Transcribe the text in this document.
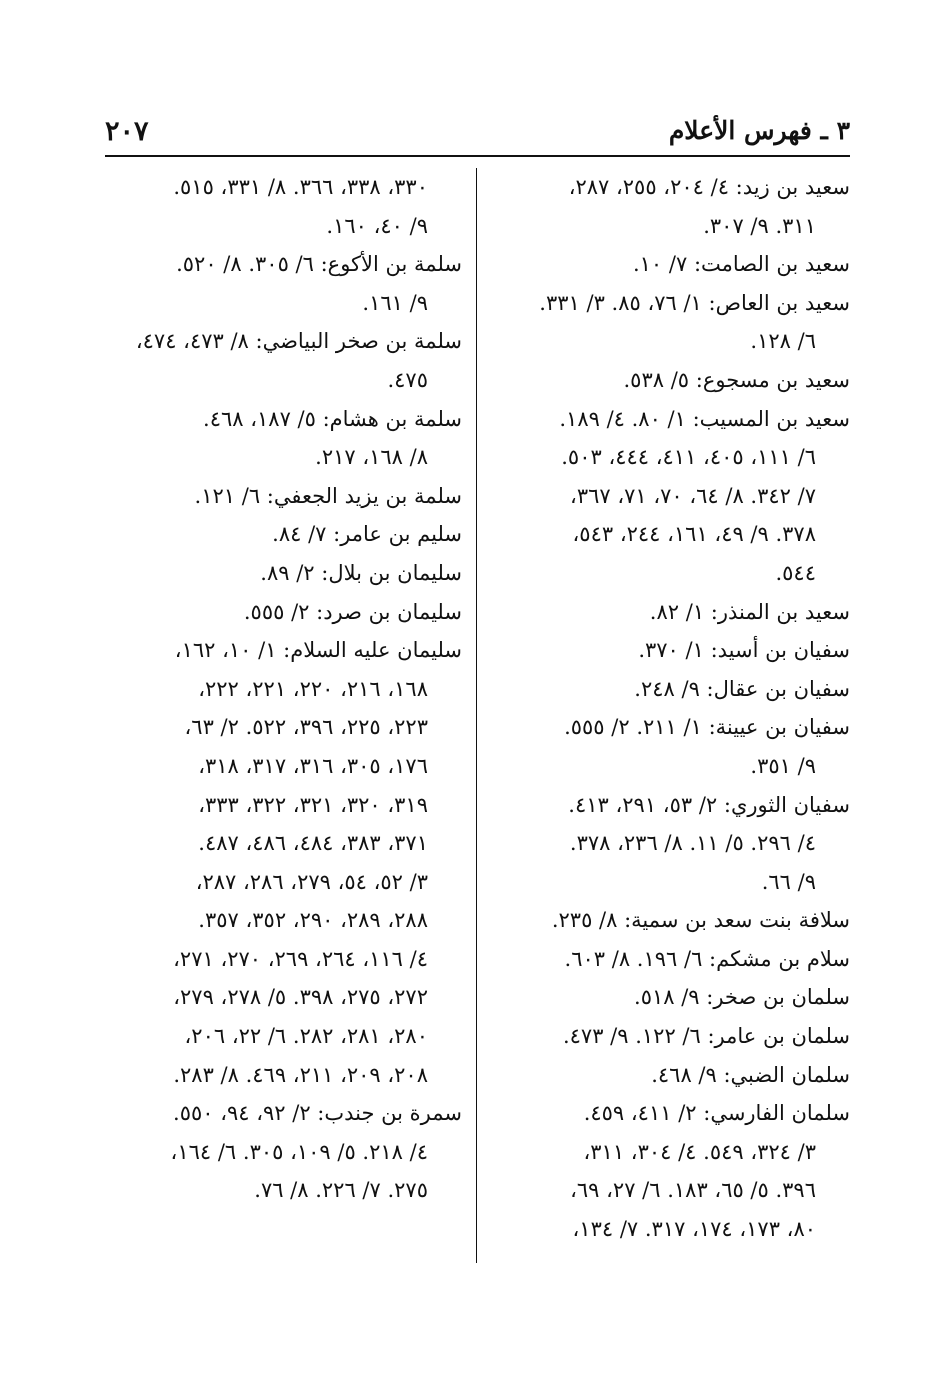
٢٠٧	٣ ـ فهرس الأعلام
سعيد بن زيد: ٤/ ٢٠٤، ٢٥٥، ٢٨٧،
٣١١. ٩/ ٣٠٧.
سعيد بن الصامت: ٧/ ١٠.
سعيد بن العاص: ١/ ٧٦، ٨٥. ٣/ ٣٣١.
٦/ ١٢٨.
سعيد بن مسجوع: ٥/ ٥٣٨.
سعيد بن المسيب: ١/ ٨٠. ٤/ ١٨٩.
٦/ ١١١، ٤٠٥، ٤١١، ٤٤٤، ٥٠٣.
٧/ ٣٤٢. ٨/ ٦٤، ٧٠، ٧١، ٣٦٧،
٣٧٨. ٩/ ٤٩، ١٦١، ٢٤٤، ٥٤٣،
٥٤٤.
سعيد بن المنذر: ١/ ٨٢.
سفيان بن أسيد: ١/ ٣٧٠.
سفيان بن عقال: ٩/ ٢٤٨.
سفيان بن عيينة: ١/ ٢١١. ٢/ ٥٥٥.
٩/ ٣٥١.
سفيان الثوري: ٢/ ٥٣، ٢٩١، ٤١٣.
٤/ ٢٩٦. ٥/ ١١. ٨/ ٢٣٦، ٣٧٨.
٩/ ٦٦.
سلافة بنت سعد بن سمية: ٨/ ٢٣٥.
سلام بن مشكم: ٦/ ١٩٦. ٨/ ٦٠٣.
سلمان بن صخر: ٩/ ٥١٨.
سلمان بن عامر: ٦/ ١٢٢. ٩/ ٤٧٣.
سلمان الضبي: ٩/ ٤٦٨.
سلمان الفارسي: ٢/ ٤١١، ٤٥٩.
٣/ ٣٢٤، ٥٤٩. ٤/ ٣٠٤، ٣١١،
٣٩٦. ٥/ ٦٥، ١٨٣. ٦/ ٢٧، ٦٩،
٨٠، ١٧٣، ١٧٤، ٣١٧. ٧/ ١٣٤،
٣٣٠، ٣٣٨، ٣٦٦. ٨/ ٣٣١، ٥١٥.
٩/ ٤٠، ١٦٠.
سلمة بن الأكوع: ٦/ ٣٠٥. ٨/ ٥٢٠.
٩/ ١٦١.
سلمة بن صخر البياضي: ٨/ ٤٧٣، ٤٧٤،
٤٧٥.
سلمة بن هشام: ٥/ ١٨٧، ٤٦٨.
٨/ ١٦٨، ٢١٧.
سلمة بن يزيد الجعفي: ٦/ ١٢١.
سليم بن عامر: ٧/ ٨٤.
سليمان بن بلال: ٢/ ٨٩.
سليمان بن صرد: ٢/ ٥٥٥.
سليمان عليه السلام: ١/ ١٠، ١٦٢،
١٦٨، ٢١٦، ٢٢٠، ٢٢١، ٢٢٢،
٢٢٣، ٢٢٥، ٣٩٦، ٥٢٢. ٢/ ٦٣،
١٧٦، ٣٠٥، ٣١٦، ٣١٧، ٣١٨،
٣١٩، ٣٢٠، ٣٢١، ٣٢٢، ٣٣٣،
٣٧١، ٣٨٣، ٤٨٤، ٤٨٦، ٤٨٧.
٣/ ٥٢، ٥٤، ٢٧٩، ٢٨٦، ٢٨٧،
٢٨٨، ٢٨٩، ٢٩٠، ٣٥٢، ٣٥٧.
٤/ ١١٦، ٢٦٤، ٢٦٩، ٢٧٠، ٢٧١،
٢٧٢، ٢٧٥، ٣٩٨. ٥/ ٢٧٨، ٢٧٩،
٢٨٠، ٢٨١، ٢٨٢. ٦/ ٢٢، ٢٠٦،
٢٠٨، ٢٠٩، ٢١١، ٤٦٩. ٨/ ٢٨٣.
سمرة بن جندب: ٢/ ٩٢، ٩٤، ٥٥٠.
٤/ ٢١٨. ٥/ ١٠٩، ٣٠٥. ٦/ ١٦٤،
٢٧٥. ٧/ ٢٢٦. ٨/ ٧٦.
